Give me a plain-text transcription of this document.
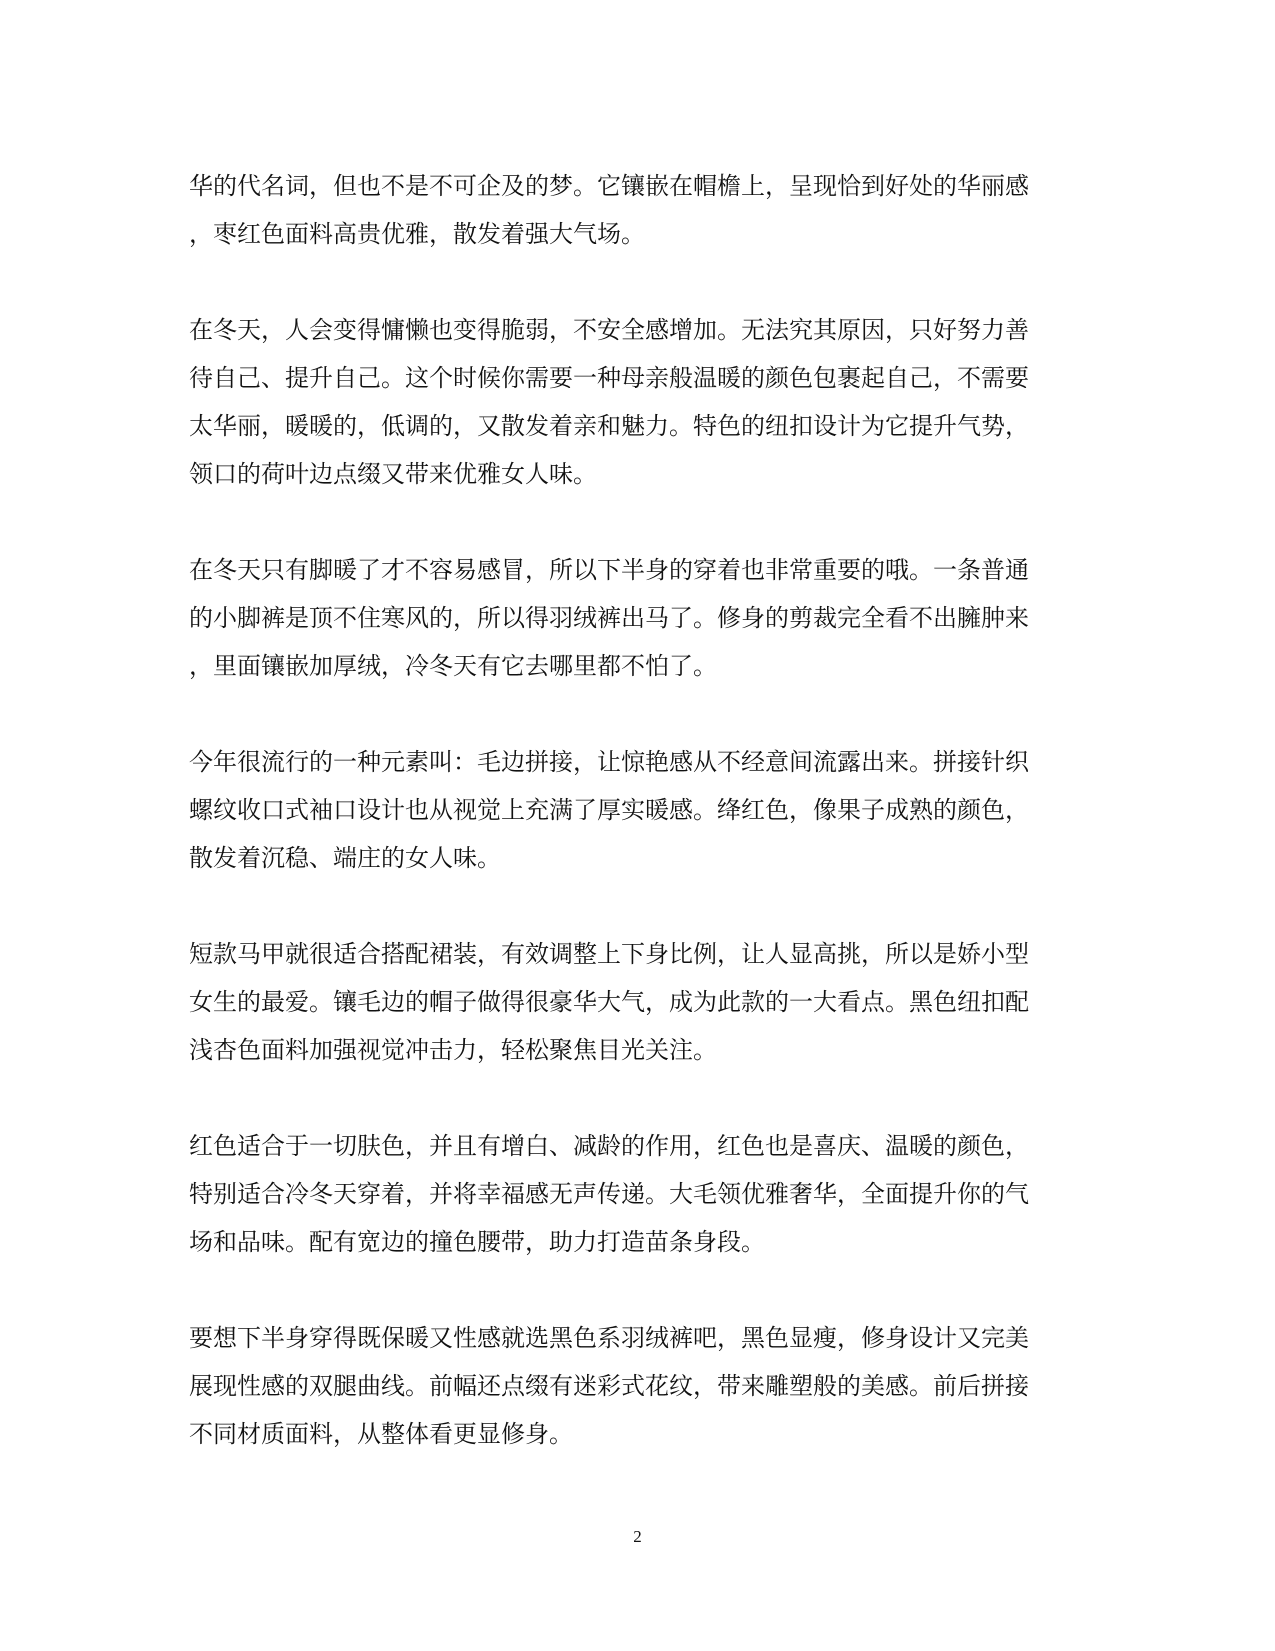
华的代名词，但也不是不可企及的梦。它镶嵌在帽檐上，呈现恰到好处的华丽感
，枣红色面料高贵优雅，散发着强大气场。

在冬天，人会变得慵懒也变得脆弱，不安全感增加。无法究其原因，只好努力善
待自己、提升自己。这个时候你需要一种母亲般温暖的颜色包裹起自己，不需要
太华丽，暖暖的，低调的，又散发着亲和魅力。特色的纽扣设计为它提升气势，
领口的荷叶边点缀又带来优雅女人味。

在冬天只有脚暖了才不容易感冒，所以下半身的穿着也非常重要的哦。一条普通
的小脚裤是顶不住寒风的，所以得羽绒裤出马了。修身的剪裁完全看不出臃肿来
，里面镶嵌加厚绒，冷冬天有它去哪里都不怕了。

今年很流行的一种元素叫：毛边拼接，让惊艳感从不经意间流露出来。拼接针织
螺纹收口式袖口设计也从视觉上充满了厚实暖感。绛红色，像果子成熟的颜色，
散发着沉稳、端庄的女人味。

短款马甲就很适合搭配裙装，有效调整上下身比例，让人显高挑，所以是娇小型
女生的最爱。镶毛边的帽子做得很豪华大气，成为此款的一大看点。黑色纽扣配
浅杏色面料加强视觉冲击力，轻松聚焦目光关注。

红色适合于一切肤色，并且有增白、减龄的作用，红色也是喜庆、温暖的颜色，
特别适合冷冬天穿着，并将幸福感无声传递。大毛领优雅奢华，全面提升你的气
场和品味。配有宽边的撞色腰带，助力打造苗条身段。

要想下半身穿得既保暖又性感就选黑色系羽绒裤吧，黑色显瘦，修身设计又完美
展现性感的双腿曲线。前幅还点缀有迷彩式花纹，带来雕塑般的美感。前后拼接
不同材质面料，从整体看更显修身。

2
